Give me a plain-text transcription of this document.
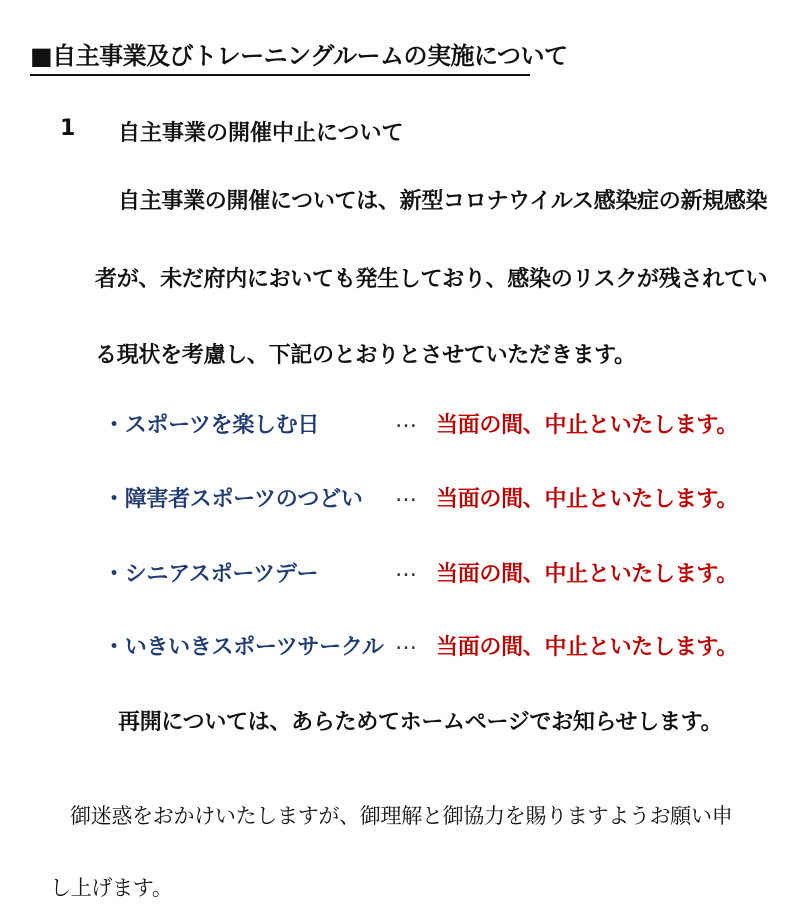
■自主事業及びトレーニングルームの実施について
1 自主事業の開催中止について
自主事業の開催については、新型コロナウイルス感染症の新規感染
者が、未だ府内においても発生しており、感染のリスクが残されてい
る現状を考慮し、下記のとおりとさせていただきます。
・スポーツを楽しむ日	… 当面の間、中止といたします。
・障害者スポーツのつどい … 当面の間、中止といたします。
・シニアスポーツデー	… 当面の間、中止といたします。
・いきいきスポーツサークル … 当面の間、中止といたします。
再開については、あらためてホームページでお知らせします。
御迷惑をおかけいたしますが、御理解と御協力を賜りますようお願い申
し上げます。
